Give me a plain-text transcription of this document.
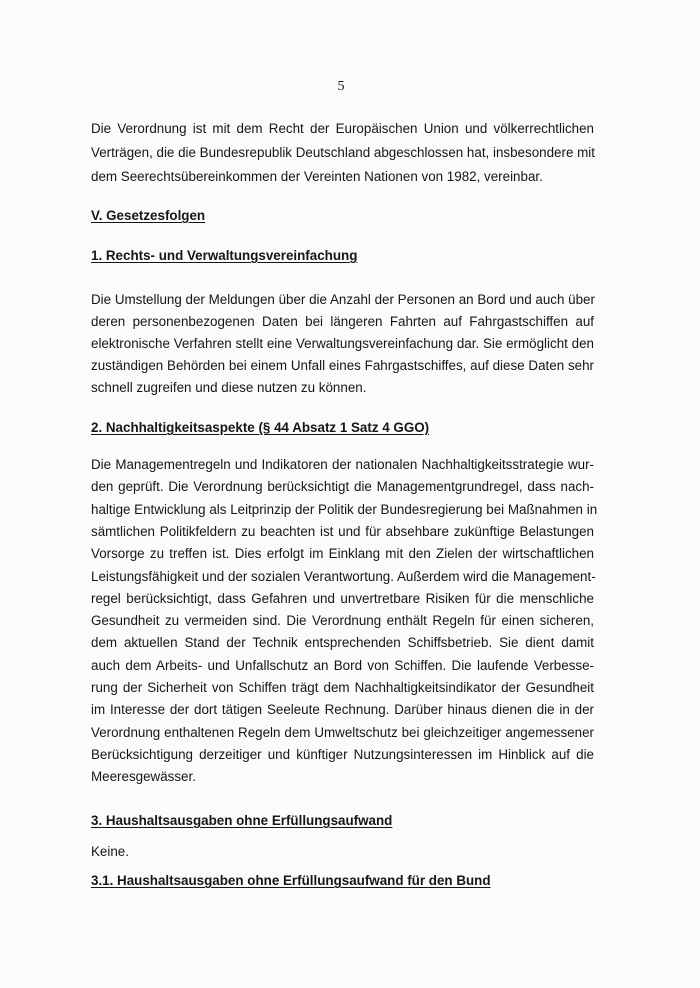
5
Die Verordnung ist mit dem Recht der Europäischen Union und völkerrechtlichen
Verträgen, die die Bundesrepublik Deutschland abgeschlossen hat, insbesondere mit
dem Seerechtsübereinkommen der Vereinten Nationen von 1982, vereinbar.
V. Gesetzesfolgen
1. Rechts- und Verwaltungsvereinfachung
Die Umstellung der Meldungen über die Anzahl der Personen an Bord und auch über
deren personenbezogenen Daten bei längeren Fahrten auf Fahrgastschiffen auf
elektronische Verfahren stellt eine Verwaltungsvereinfachung dar. Sie ermöglicht den
zuständigen Behörden bei einem Unfall eines Fahrgastschiffes, auf diese Daten sehr
schnell zugreifen und diese nutzen zu können.
2. Nachhaltigkeitsaspekte (§ 44 Absatz 1 Satz 4 GGO)
Die Managementregeln und Indikatoren der nationalen Nachhaltigkeitsstrategie wur-
den geprüft. Die Verordnung berücksichtigt die Managementgrundregel, dass nach-
haltige Entwicklung als Leitprinzip der Politik der Bundesregierung bei Maßnahmen in
sämtlichen Politikfeldern zu beachten ist und für absehbare zukünftige Belastungen
Vorsorge zu treffen ist. Dies erfolgt im Einklang mit den Zielen der wirtschaftlichen
Leistungsfähigkeit und der sozialen Verantwortung. Außerdem wird die Management-
regel berücksichtigt, dass Gefahren und unvertretbare Risiken für die menschliche
Gesundheit zu vermeiden sind. Die Verordnung enthält Regeln für einen sicheren,
dem aktuellen Stand der Technik entsprechenden Schiffsbetrieb. Sie dient damit
auch dem Arbeits- und Unfallschutz an Bord von Schiffen. Die laufende Verbesse-
rung der Sicherheit von Schiffen trägt dem Nachhaltigkeitsindikator der Gesundheit
im Interesse der dort tätigen Seeleute Rechnung. Darüber hinaus dienen die in der
Verordnung enthaltenen Regeln dem Umweltschutz bei gleichzeitiger angemessener
Berücksichtigung derzeitiger und künftiger Nutzungsinteressen im Hinblick auf die
Meeresgewässer.
3. Haushaltsausgaben ohne Erfüllungsaufwand
Keine.
3.1. Haushaltsausgaben ohne Erfüllungsaufwand für den Bund
